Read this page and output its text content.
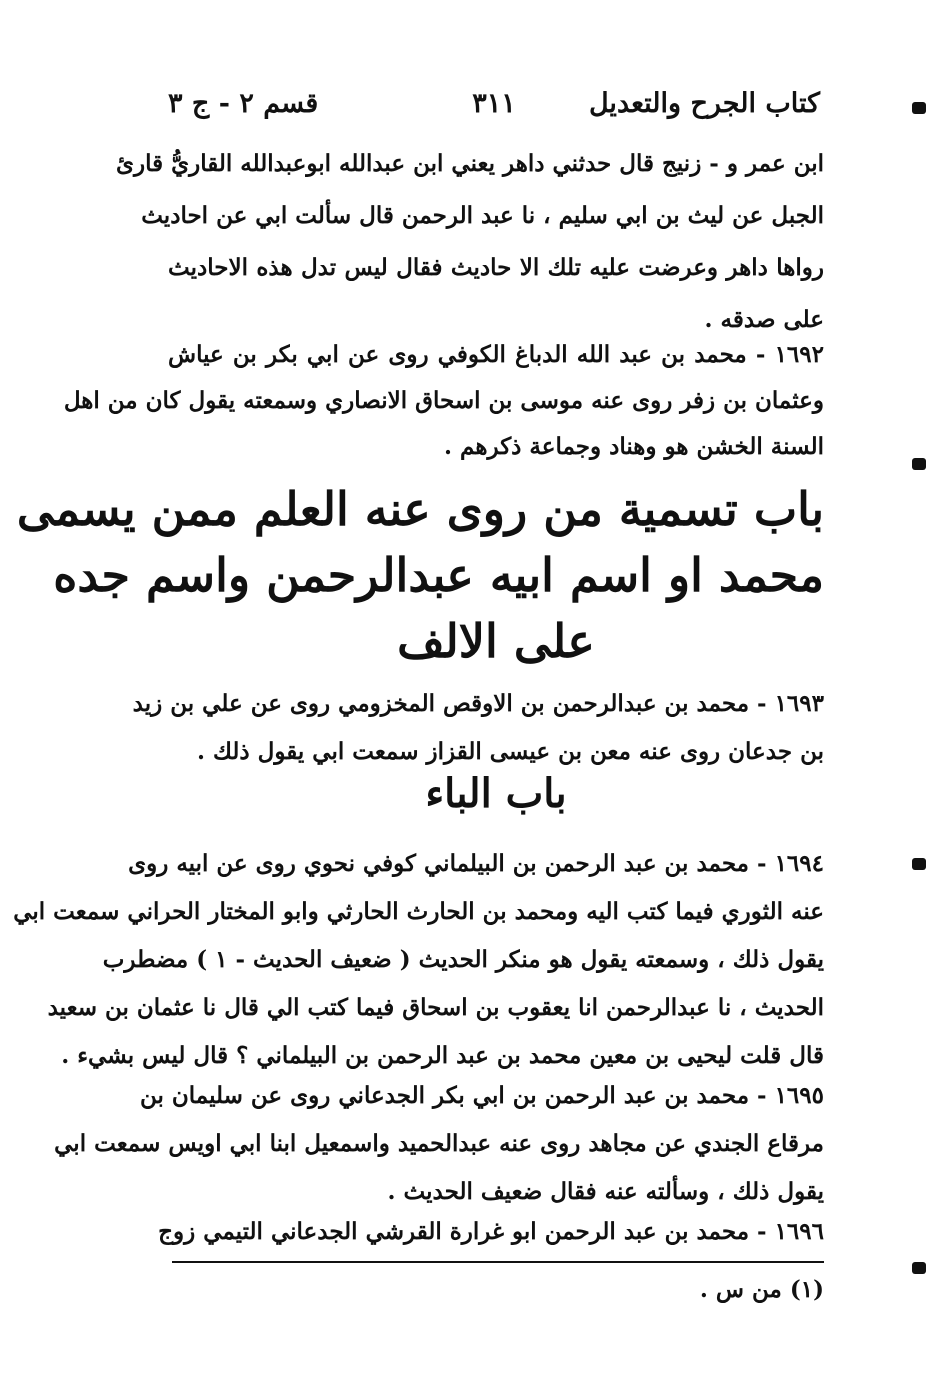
كتاب الجرح والتعديل
٣١١
قسم ٢ - ج ٣
ابن عمر و - زنيج قال حدثني داهر يعني ابن عبدالله ابوعبدالله القاريُّ قارئ
الجبل عن ليث بن ابي سليم ، نا عبد الرحمن قال سألت ابي عن احاديث
رواها داهر وعرضت عليه تلك الا حاديث فقال ليس تدل هذه الاحاديث
على صدقه .
١٦٩٢ - محمد بن عبد الله الدباغ الكوفي روى عن ابي بكر بن عياش
وعثمان بن زفر روى عنه موسى بن اسحاق الانصاري وسمعته يقول كان من اهل
السنة الخشن هو وهناد وجماعة ذكرهم .
باب تسمية من روى عنه العلم ممن يسمى
محمد او اسم ابيه عبدالرحمن واسم جده
على الالف
١٦٩٣ - محمد بن عبدالرحمن بن الاوقص المخزومي روى عن علي بن زيد
بن جدعان روى عنه معن بن عيسى القزاز سمعت ابي يقول ذلك .
باب الباء
١٦٩٤ - محمد بن عبد الرحمن بن البيلماني كوفي نحوي روى عن ابيه روى
عنه الثوري فيما كتب اليه ومحمد بن الحارث الحارثي وابو المختار الحراني سمعت ابي
يقول ذلك ، وسمعته يقول هو منكر الحديث ( ضعيف الحديث - ١ ) مضطرب
الحديث ، نا عبدالرحمن انا يعقوب بن اسحاق فيما كتب الي قال نا عثمان بن سعيد
قال قلت ليحيى بن معين محمد بن عبد الرحمن بن البيلماني ؟ قال ليس بشيء .
١٦٩٥ - محمد بن عبد الرحمن بن ابي بكر الجدعاني روى عن سليمان بن
مرقاع الجندي عن مجاهد روى عنه عبدالحميد واسمعيل ابنا ابي اويس سمعت ابي
يقول ذلك ، وسألته عنه فقال ضعيف الحديث .
١٦٩٦ - محمد بن عبد الرحمن ابو غرارة القرشي الجدعاني التيمي زوج
(١) من س .
